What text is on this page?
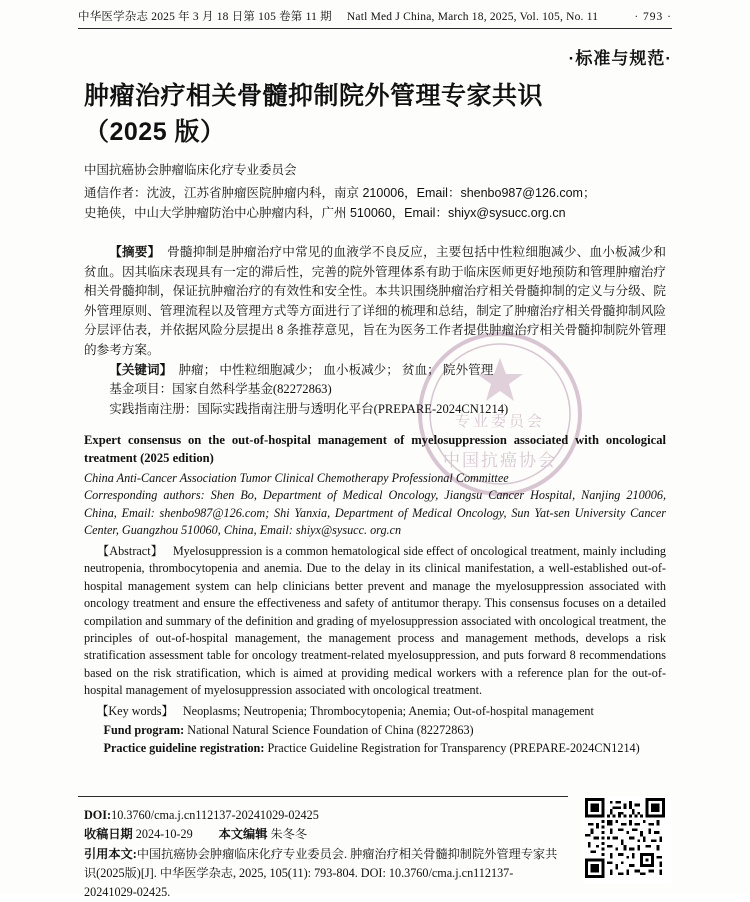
中华医学杂志 2025 年 3 月 18 日第 105 卷第 11 期 Natl Med J China, March 18, 2025, Vol. 105, No. 11	· 793 ·
·标准与规范·
肿瘤治疗相关骨髓抑制院外管理专家共识
（2025 版）
中国抗癌协会肿瘤临床化疗专业委员会
通信作者：沈波，江苏省肿瘤医院肿瘤内科，南京 210006，Email：shenbo987@126.com；
史艳侠，中山大学肿瘤防治中心肿瘤内科，广州 510060，Email：shiyx@sysucc.org.cn
中国抗癌协会
专业委员会

【摘要】 骨髓抑制是肿瘤治疗中常见的血液学不良反应，主要包括中性粒细胞减少、血小板减少和贫血。因其临床表现具有一定的滞后性，完善的院外管理体系有助于临床医师更好地预防和管理肿瘤治疗相关骨髓抑制，保证抗肿瘤治疗的有效性和安全性。本共识围绕肿瘤治疗相关骨髓抑制的定义与分级、院外管理原则、管理流程以及管理方式等方面进行了详细的梳理和总结，制定了肿瘤治疗相关骨髓抑制风险分层评估表，并依据风险分层提出 8 条推荐意见，旨在为医务工作者提供肿瘤治疗相关骨髓抑制院外管理的参考方案。

【关键词】 肿瘤； 中性粒细胞减少； 血小板减少； 贫血； 院外管理

基金项目：国家自然科学基金(82272863)

实践指南注册：国际实践指南注册与透明化平台(PREPARE-2024CN1214)

Expert consensus on the out-of-hospital management of myelosuppression associated with oncological treatment (2025 edition)
China Anti-Cancer Association Tumor Clinical Chemotherapy Professional Committee
Corresponding authors: Shen Bo, Department of Medical Oncology, Jiangsu Cancer Hospital, Nanjing 210006, China, Email: shenbo987@126.com; Shi Yanxia, Department of Medical Oncology, Sun Yat-sen University Cancer Center, Guangzhou 510060, China, Email: shiyx@sysucc. org.cn
【Abstract】 Myelosuppression is a common hematological side effect of oncological treatment, mainly including neutropenia, thrombocytopenia and anemia. Due to the delay in its clinical manifestation, a well-established out-of-hospital management system can help clinicians better prevent and manage the myelosuppression associated with oncology treatment and ensure the effectiveness and safety of antitumor therapy. This consensus focuses on a detailed compilation and summary of the definition and grading of myelosuppression associated with oncological treatment, the principles of out-of-hospital management, the management process and management methods, develops a risk stratification assessment table for oncology treatment-related myelosuppression, and puts forward 8 recommendations based on the risk stratification, which is aimed at providing medical workers with a reference plan for the out-of-hospital management of myelosuppression associated with oncological treatment.
【Key words】 Neoplasms; Neutropenia; Thrombocytopenia; Anemia; Out-of-hospital management
Fund program: National Natural Science Foundation of China (82272863)
Practice guideline registration: Practice Guideline Registration for Transparency (PREPARE-2024CN1214)
DOI:10.3760/cma.j.cn112137-20241029-02425
收稿日期 2024-10-29 本文编辑 朱冬冬
引用本文:中国抗癌协会肿瘤临床化疗专业委员会. 肿瘤治疗相关骨髓抑制院外管理专家共识(2025版)[J]. 中华医学杂志, 2025, 105(11): 793-804. DOI: 10.3760/cma.j.cn112137-20241029-02425.
